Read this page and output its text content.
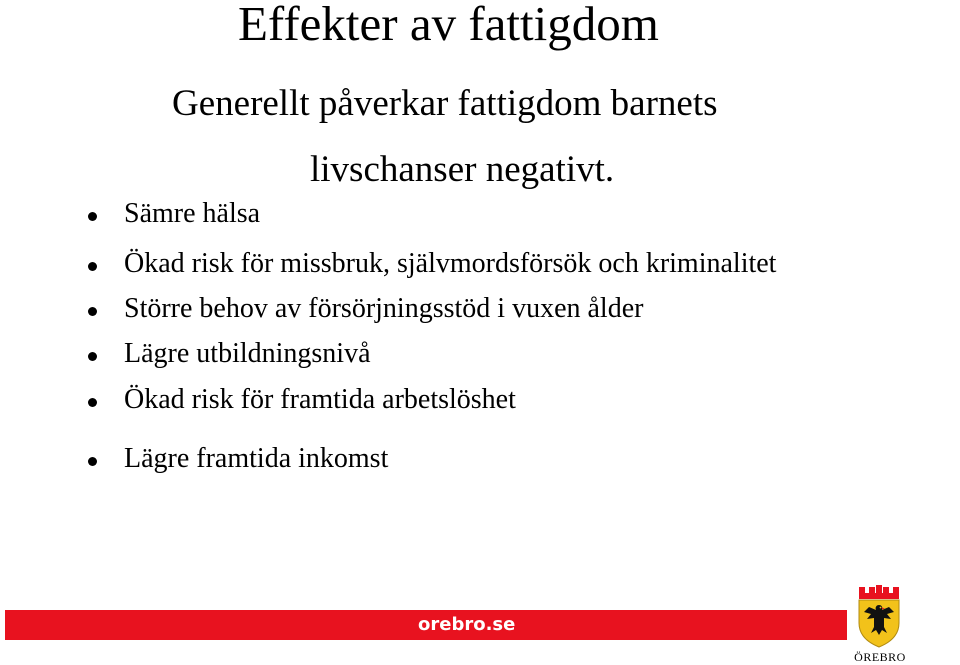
Effekter av fattigdom
Generellt påverkar fattigdom barnets
livschanser negativt.
Sämre hälsa
Ökad risk för missbruk, självmordsförsök och kriminalitet
Större behov av försörjningsstöd i vuxen ålder
Lägre utbildningsnivå
Ökad risk för framtida arbetslöshet
Lägre framtida inkomst
orebro.se
ÖREBRO
